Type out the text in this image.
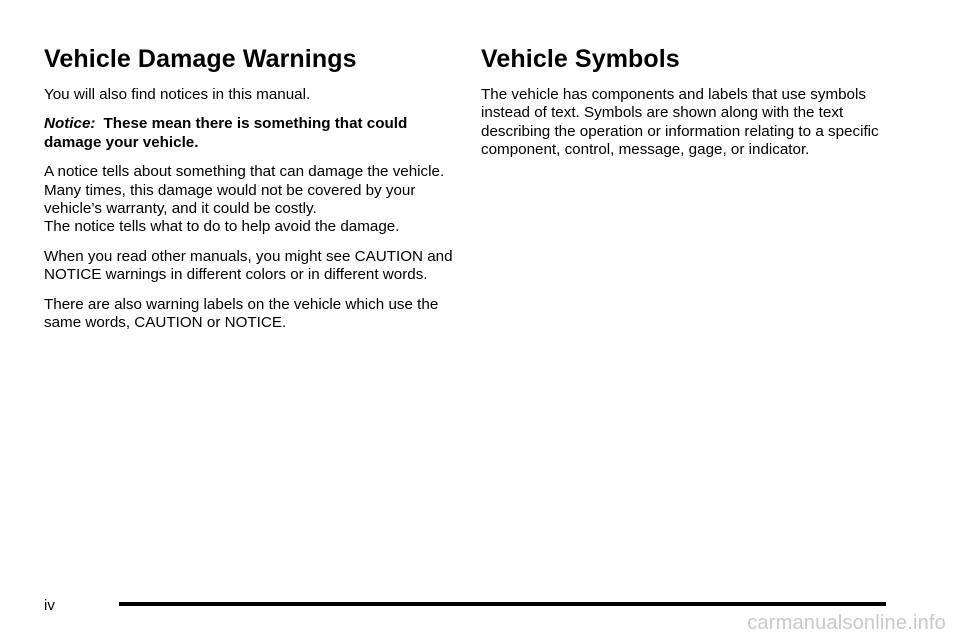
Vehicle Damage Warnings

You will also find notices in this manual.

Notice: These mean there is something that could damage your vehicle.

A notice tells about something that can damage the vehicle. Many times, this damage would not be covered by your vehicle’s warranty, and it could be costly.
The notice tells what to do to help avoid the damage.

When you read other manuals, you might see CAUTION and NOTICE warnings in different colors or in different words.

There are also warning labels on the vehicle which use the same words, CAUTION or NOTICE.

Vehicle Symbols

The vehicle has components and labels that use symbols instead of text. Symbols are shown along with the text describing the operation or information relating to a specific component, control, message, gage, or indicator.

iv
carmanualsonline.info
